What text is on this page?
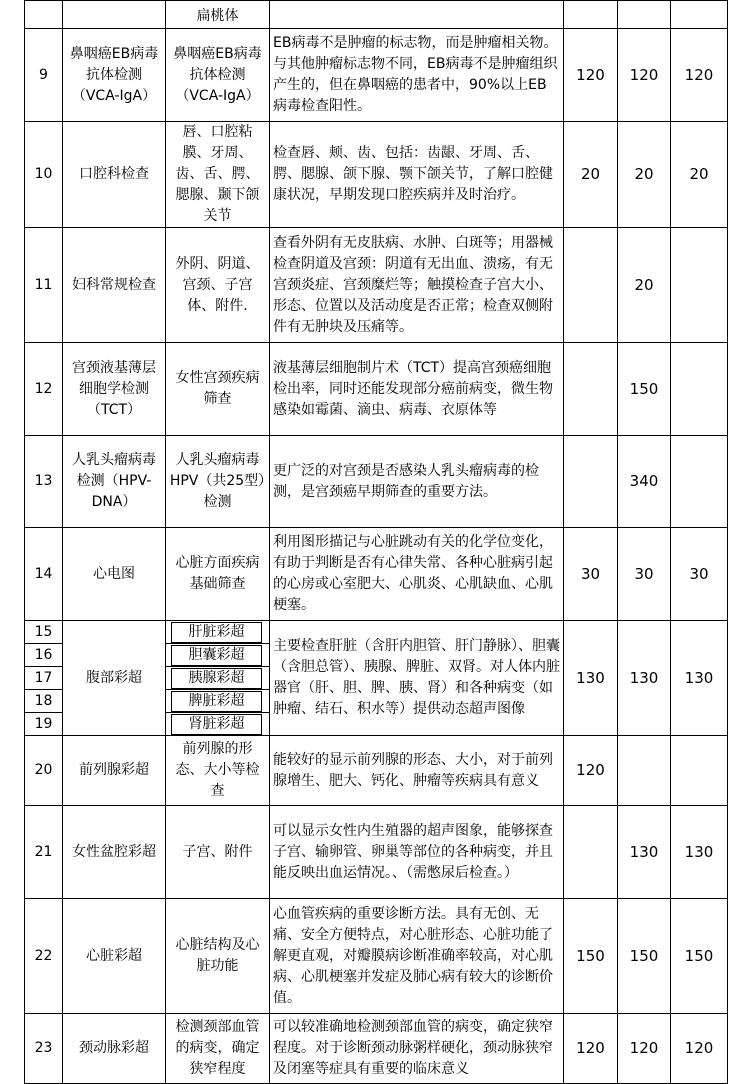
		扁桃体				
9	鼻咽癌EB病毒抗体检测（VCA-IgA）	鼻咽癌EB病毒抗体检测（VCA-IgA）	EB病毒不是肿瘤的标志物，而是肿瘤相关物。与其他肿瘤标志物不同，EB病毒不是肿瘤组织产生的，但在鼻咽癌的患者中，90%以上EB病毒检查阳性。	120	120	120
10	口腔科检查	唇、口腔粘膜、牙周、齿、舌、腭、腮腺、颞下颌关节	检查唇、颊、齿、包括：齿龈、牙周、舌、腭、腮腺、颌下腺、颚下颌关节，了解口腔健康状况，早期发现口腔疾病并及时治疗。	20	20	20
11	妇科常规检查	外阴、阴道、宫颈、子宫体、附件.	查看外阴有无皮肤病、水肿、白斑等；用器械检查阴道及宫颈：阴道有无出血、溃疡，有无宫颈炎症、宫颈糜烂等；触摸检查子宫大小、形态、位置以及活动度是否正常；检查双侧附件有无肿块及压痛等。		20	
12	宫颈液基薄层细胞学检测（TCT）	女性宫颈疾病筛查	液基薄层细胞制片术（TCT）提高宫颈癌细胞检出率，同时还能发现部分癌前病变，微生物感染如霉菌、滴虫、病毒、衣原体等		150	
13	人乳头瘤病毒检测（HPV-DNA）	人乳头瘤病毒HPV（共25型）检测	更广泛的对宫颈是否感染人乳头瘤病毒的检测，是宫颈癌早期筛查的重要方法。		340	
14	心电图	心脏方面疾病基础筛查	利用图形描记与心脏跳动有关的化学位变化，有助于判断是否有心律失常、各种心脏病引起的心房或心室肥大、心肌炎、心肌缺血、心肌梗塞。	30	30	30
15	腹部彩超	肝脏彩超	主要检查肝脏（含肝内胆管、肝门静脉）、胆囊（含胆总管）、胰腺、脾脏、双肾。对人体内脏器官（肝、胆、脾、胰、肾）和各种病变（如肿瘤、结石、积水等）提供动态超声图像	130	130	130
16		胆囊彩超				

17		胰腺彩超				

18		脾脏彩超				

19		肾脏彩超				

20	前列腺彩超	前列腺的形态、大小等检查	能较好的显示前列腺的形态、大小，对于前列腺增生、肥大、钙化、肿瘤等疾病具有意义	120		
21	女性盆腔彩超	子宫、附件	可以显示女性内生殖器的超声图象，能够探查子宫、输卵管、卵巢等部位的各种病变，并且能反映出血运情况。、（需憋尿后检查。）		130	130
22	心脏彩超	心脏结构及心脏功能	心血管疾病的重要诊断方法。具有无创、无痛、安全方便特点，对心脏形态、心脏功能了解更直观，对瓣膜病诊断准确率较高，对心肌病、心肌梗塞并发症及肺心病有较大的诊断价值。	150	150	150
23	颈动脉彩超	检测颈部血管的病变，确定狭窄程度	可以较准确地检测颈部血管的病变，确定狭窄程度。对于诊断颈动脉粥样硬化，颈动脉狭窄及闭塞等症具有重要的临床意义	120	120	120
